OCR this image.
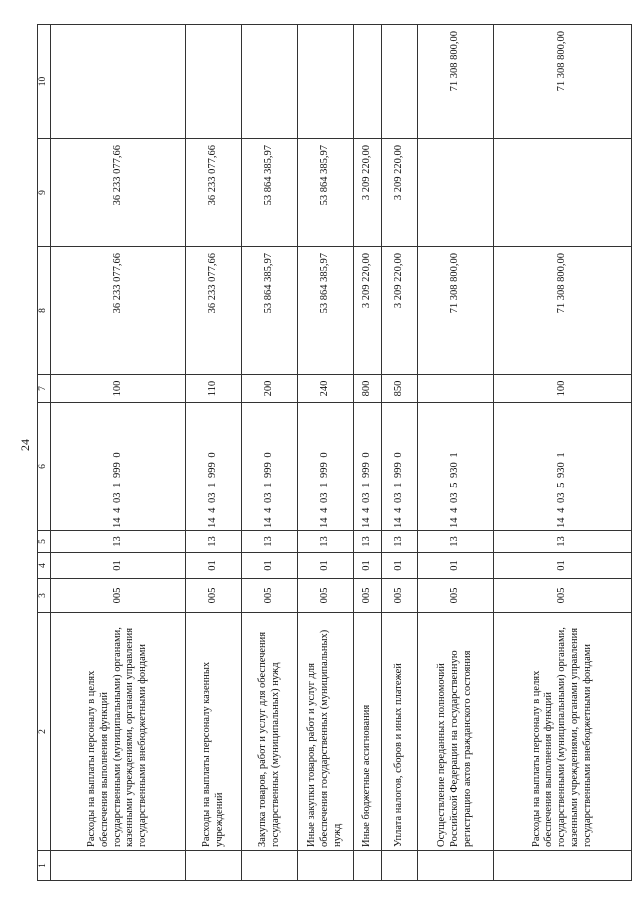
24
1	2	3	4	5	6	7	8	9	10
	Расходы на выплаты персоналу в целях обеспечения выполнения функций государственными (муниципальными) органами, казенными учреждениями, органами управления государственными внебюджетными фондами	005	01	13	14 4 03 1 999 0	100	36 233 077,66	36 233 077,66	
	Расходы на выплаты персоналу казенных учреждений	005	01	13	14 4 03 1 999 0	110	36 233 077,66	36 233 077,66	
	Закупка товаров, работ и услуг для обеспечения государственных (муниципальных) нужд	005	01	13	14 4 03 1 999 0	200	53 864 385,97	53 864 385,97	
	Иные закупки товаров, работ и услуг для обеспечения государственных (муниципальных) нужд	005	01	13	14 4 03 1 999 0	240	53 864 385,97	53 864 385,97	
	Иные бюджетные ассигнования	005	01	13	14 4 03 1 999 0	800	3 209 220,00	3 209 220,00	
	Уплата налогов, сборов и иных платежей	005	01	13	14 4 03 1 999 0	850	3 209 220,00	3 209 220,00	
	Осуществление переданных полномочий Российской Федерации на государственную регистрацию актов гражданского состояния	005	01	13	14 4 03 5 930 1		71 308 800,00		71 308 800,00
	Расходы на выплаты персоналу в целях обеспечения выполнения функций государственными (муниципальными) органами, казенными учреждениями, органами управления государственными внебюджетными фондами	005	01	13	14 4 03 5 930 1	100	71 308 800,00		71 308 800,00
